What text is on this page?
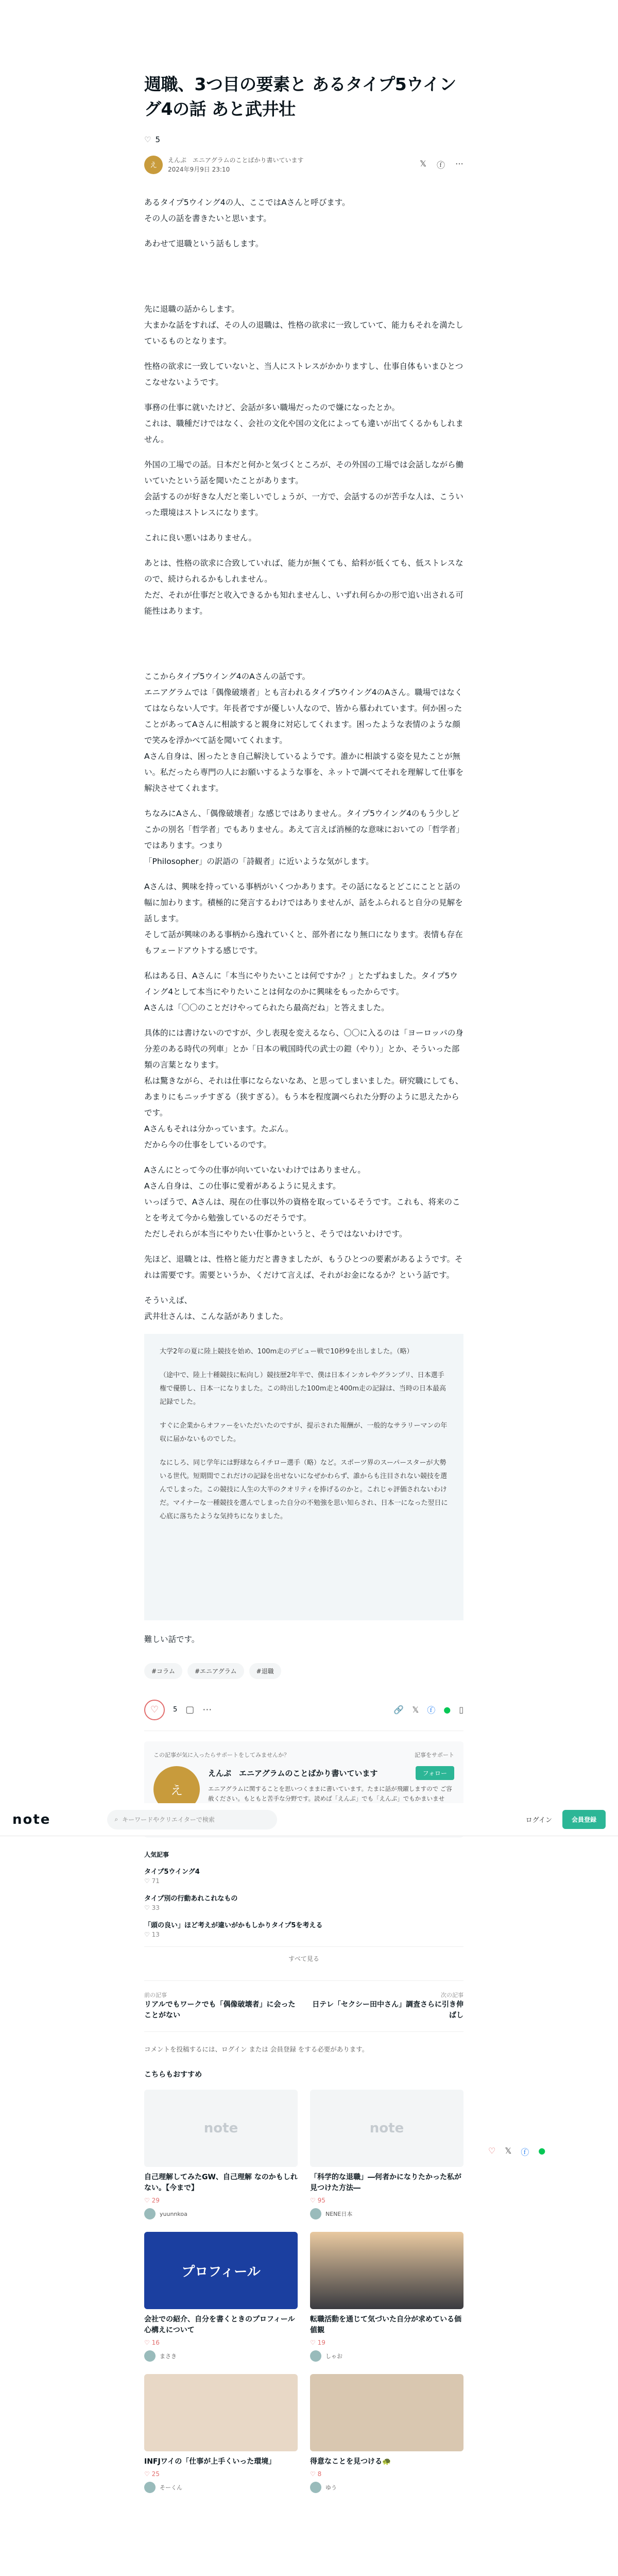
週職、3つ目の要素と あるタイプ5ウイング4の話 あと武井壮
♡ 5
え
えんぷ　エニアグラムのことばかり書いています
2024年9月9日 23:10
𝕏 ⓕ ⋯

あるタイプ5ウイング4の人、ここではAさんと呼びます。
その人の話を書きたいと思います。

あわせて退職という話もします。

先に退職の話からします。
大まかな話をすれば、その人の退職は、性格の欲求に一致していて、能力もそれを満たしているものとなります。

性格の欲求に一致していないと、当人にストレスがかかりますし、仕事自体もいまひとつこなせないようです。

事務の仕事に就いたけど、会話が多い職場だったので嫌になったとか。
これは、職種だけではなく、会社の文化や国の文化によっても違いが出てくるかもしれません。

外国の工場での話。日本だと何かと気づくところが、その外国の工場では会話しながら働いていたという話を聞いたことがあります。
会話するのが好きな人だと楽しいでしょうが、一方で、会話するのが苦手な人は、こういった環境はストレスになります。

これに良い悪いはありません。

あとは、性格の欲求に合致していれば、能力が無くても、給料が低くても、低ストレスなので、続けられるかもしれません。
ただ、それが仕事だと收入できるかも知れませんし、いずれ何らかの形で追い出される可能性はあります。

ここからタイプ5ウイング4のAさんの話です。
エニアグラムでは「偶像破壊者」とも言われるタイプ5ウイング4のAさん。職場ではなくてはならない人です。年長者ですが優しい人なので、皆から慕われています。何か困ったことがあってAさんに相談すると親身に対応してくれます。困ったような表情のような顔で笑みを浮かべて話を聞いてくれます。
Aさん自身は、困ったとき自己解決しているようです。誰かに相談する姿を見たことが無い。私だったら専門の人にお願いするような事を、ネットで調べてそれを理解して仕事を解決させてくれます。

ちなみにAさん、「偶像破壊者」な感じではありません。タイプ5ウイング4のもう少しどこかの別名「哲学者」でもありません。あえて言えば消極的な意味においての「哲学者」ではあります。つまり
「Philosopher」の訳語の「詩観者」に近いような気がします。

Aさんは、興味を持っている事柄がいくつかあります。その話になるとどこにことと話の幅に加わります。積極的に発言するわけではありませんが、話をふられると自分の見解を話します。
そして話が興味のある事柄から逸れていくと、部外者になり無口になります。表情も存在もフェードアウトする感じです。

私はある日、Aさんに「本当にやりたいことは何ですか？」とたずねました。タイプ5ウイング4として本当にやりたいことは何なのかに興味をもったからです。
Aさんは「〇〇のことだけやってられたら最高だね」と答えました。

具体的には書けないのですが、少し表現を変えるなら、〇〇に入るのは「ヨーロッパの身分差のある時代の列車」とか「日本の戦国時代の武士の鎧（やり）」とか、そういった部類の言葉となります。
私は驚きながら、それは仕事にならないなあ、と思ってしまいました。研究職にしても、あまりにもニッチすぎる（狭すぎる）。もう本を程度調べられた分野のように思えたからです。
Aさんもそれは分かっています。たぶん。
だから今の仕事をしているのです。

Aさんにとって今の仕事が向いていないわけではありません。
Aさん自身は、この仕事に愛着があるように見えます。
いっぽうで、Aさんは、現在の仕事以外の資格を取っているそうです。これも、将来のことを考えて今から勉強しているのだそうです。
ただしそれらが本当にやりたい仕事かというと、そうではないわけです。

先ほど、退職とは、性格と能力だと書きましたが、もうひとつの要素があるようです。それは需要です。需要というか、くだけて言えば、それがお金になるか？という話です。

そういえば、
武井壮さんは、こんな話がありました。

大学2年の夏に陸上競技を始め、100m走のデビュー戦で10秒9を出しました。（略）

（途中で、陸上十種競技に転向し）競技歴2年半で、僕は日本インカレやグランプリ、日本選手権で優勝し、日本一になりました。この時出した100m走と400m走の記録は、当時の日本最高記録でした。

すぐに企業からオファーをいただいたのですが、提示された報酬が、一般的なサラリーマンの年収に届かないものでした。

なにしろ、同じ学年には野球ならイチロー選手（略）など。スポーツ界のスーパースターが大勢いる世代。短期間でこれだけの記録を出せないになぜかわらず、誰からも注目されない競技を選んでしまった。この競技に人生の大半のクオリティを捧げるのかと。これじゃ評価されないわけだ。マイナーな一種競技を選んでしまった自分の不勉強を思い知らされ、日本一になった翌日に心底に落ちたような気持ちになりました。

難しい話です。

#コラム	#エニアグラム	#退職
♡	5 ▢ ⋯	🔗 𝕏 ⓕ ● ▯
この記事が気に入ったらサポートをしてみませんか？	記事をサポート
え
えんぷ　エニアグラムのことばかり書いています	フォロー
エニアグラムに関することを思いつくままに書いています。たまに話が飛躍しますので ご容赦ください。もともと苦手な分野です。読めば「えんぷ」でも「えんぷ」でもかまいませ
人気記事
タイプ5ウイング4
♡ 71
タイプ別の行動あれこれなもの
♡ 33
「頭の良い」ほど考えが違いがかもしかりタイプ5を考える
♡ 13
すべて見る
前の記事
リアルでもワークでも「偶像破壊者」に会ったことがない
次の記事
日テレ「セクシー田中さん」調査さらに引き伸ばし
コメントを投稿するには、ログイン または 会員登録 をする必要があります。
こちらもおすすめ
note
自己理解してみたGW、自己理解 なのかもしれない。【今まで】
♡ 29
yuunnkoa
note
「科学的な退職」―何者かになりたかった私が見つけた方法―
♡ 95
NENE日本
プロフィール
会社での紹介、自分を書くときのプロフィール 心構えについて
♡ 16
まさき
転職活動を通じて気づいた自分が求めている価値観
♡ 19
しゃお
INFJワイの「仕事が上手くいった環境」
♡ 25
そーくん
得意なことを見つける🐢
♡ 8
ゆう
note	⌕ キーワードやクリエイターで検索	ログイン	会員登録
♡ 𝕏 ⓕ ●
